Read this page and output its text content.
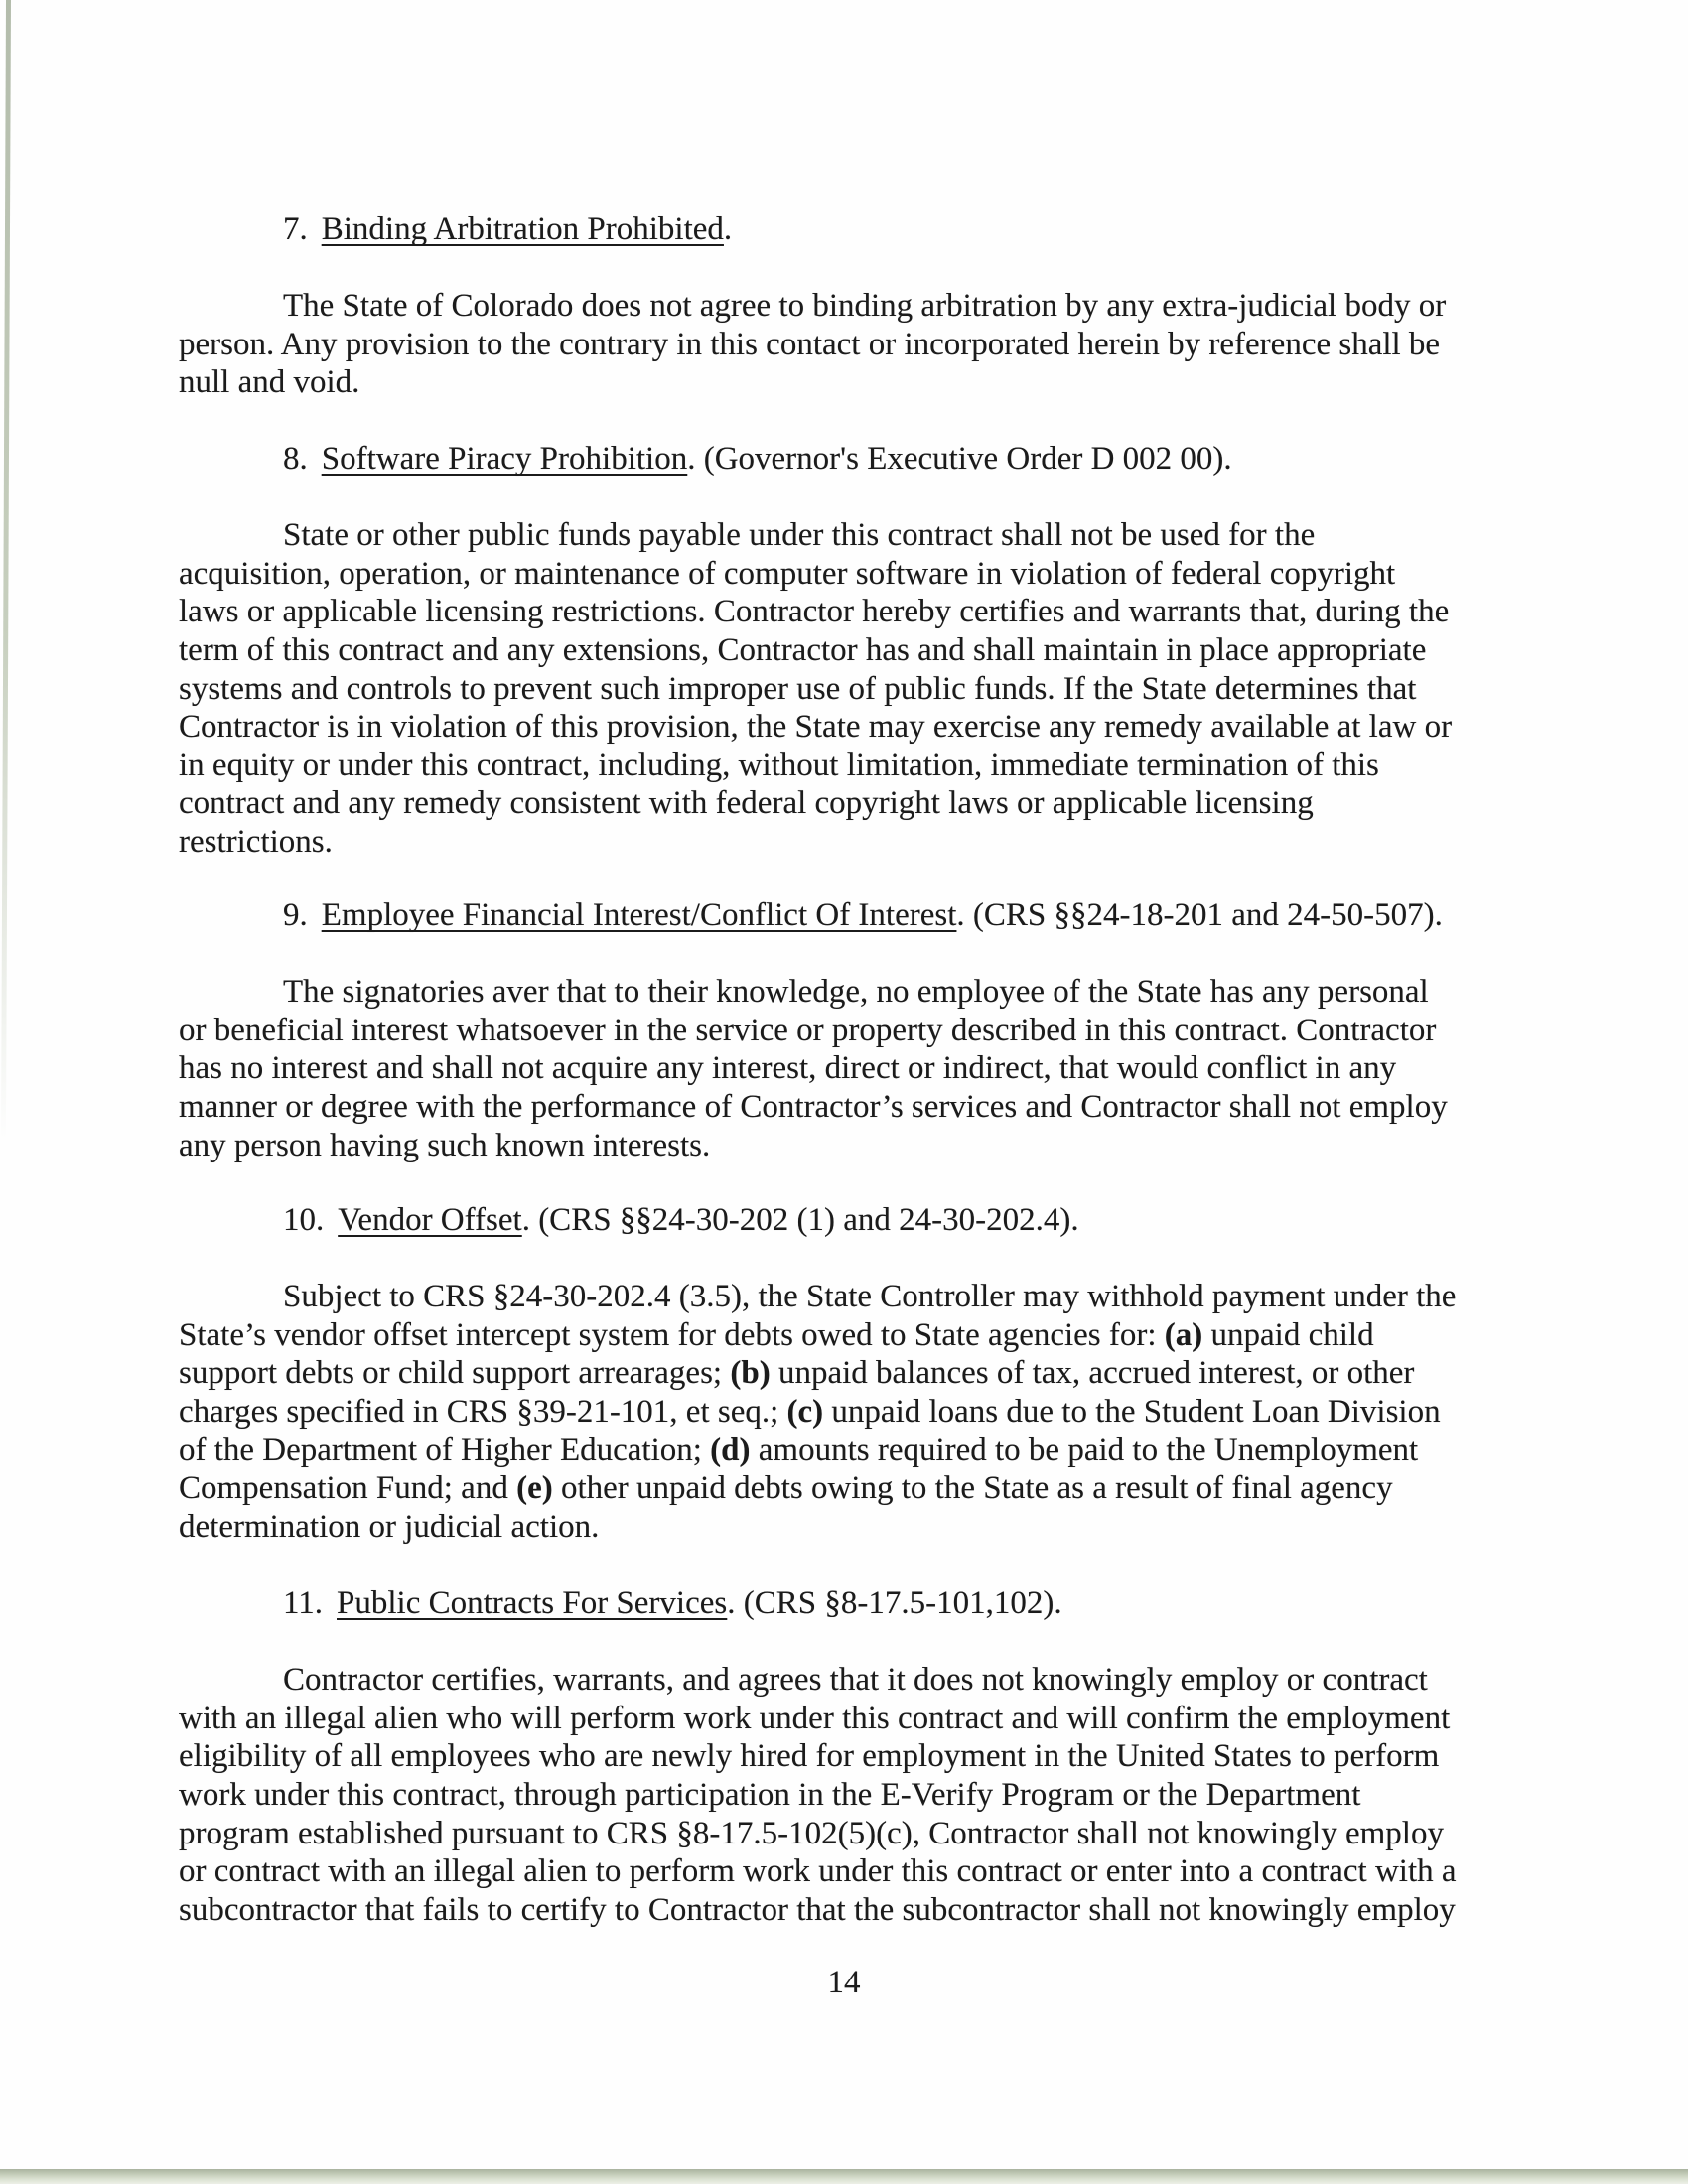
7. Binding Arbitration Prohibited.
The State of Colorado does not agree to binding arbitration by any extra-judicial body or
person. Any provision to the contrary in this contact or incorporated herein by reference shall be
null and void.
8. Software Piracy Prohibition. (Governor's Executive Order D 002 00).
State or other public funds payable under this contract shall not be used for the
acquisition, operation, or maintenance of computer software in violation of federal copyright
laws or applicable licensing restrictions. Contractor hereby certifies and warrants that, during the
term of this contract and any extensions, Contractor has and shall maintain in place appropriate
systems and controls to prevent such improper use of public funds. If the State determines that
Contractor is in violation of this provision, the State may exercise any remedy available at law or
in equity or under this contract, including, without limitation, immediate termination of this
contract and any remedy consistent with federal copyright laws or applicable licensing
restrictions.
9. Employee Financial Interest/Conflict Of Interest. (CRS §§24-18-201 and 24-50-507).
The signatories aver that to their knowledge, no employee of the State has any personal
or beneficial interest whatsoever in the service or property described in this contract. Contractor
has no interest and shall not acquire any interest, direct or indirect, that would conflict in any
manner or degree with the performance of Contractor’s services and Contractor shall not employ
any person having such known interests.
10. Vendor Offset. (CRS §§24-30-202 (1) and 24-30-202.4).
Subject to CRS §24-30-202.4 (3.5), the State Controller may withhold payment under the
State’s vendor offset intercept system for debts owed to State agencies for: (a) unpaid child
support debts or child support arrearages; (b) unpaid balances of tax, accrued interest, or other
charges specified in CRS §39-21-101, et seq.; (c) unpaid loans due to the Student Loan Division
of the Department of Higher Education; (d) amounts required to be paid to the Unemployment
Compensation Fund; and (e) other unpaid debts owing to the State as a result of final agency
determination or judicial action.
11. Public Contracts For Services. (CRS §8-17.5-101,102).
Contractor certifies, warrants, and agrees that it does not knowingly employ or contract
with an illegal alien who will perform work under this contract and will confirm the employment
eligibility of all employees who are newly hired for employment in the United States to perform
work under this contract, through participation in the E-Verify Program or the Department
program established pursuant to CRS §8-17.5-102(5)(c), Contractor shall not knowingly employ
or contract with an illegal alien to perform work under this contract or enter into a contract with a
subcontractor that fails to certify to Contractor that the subcontractor shall not knowingly employ
14
